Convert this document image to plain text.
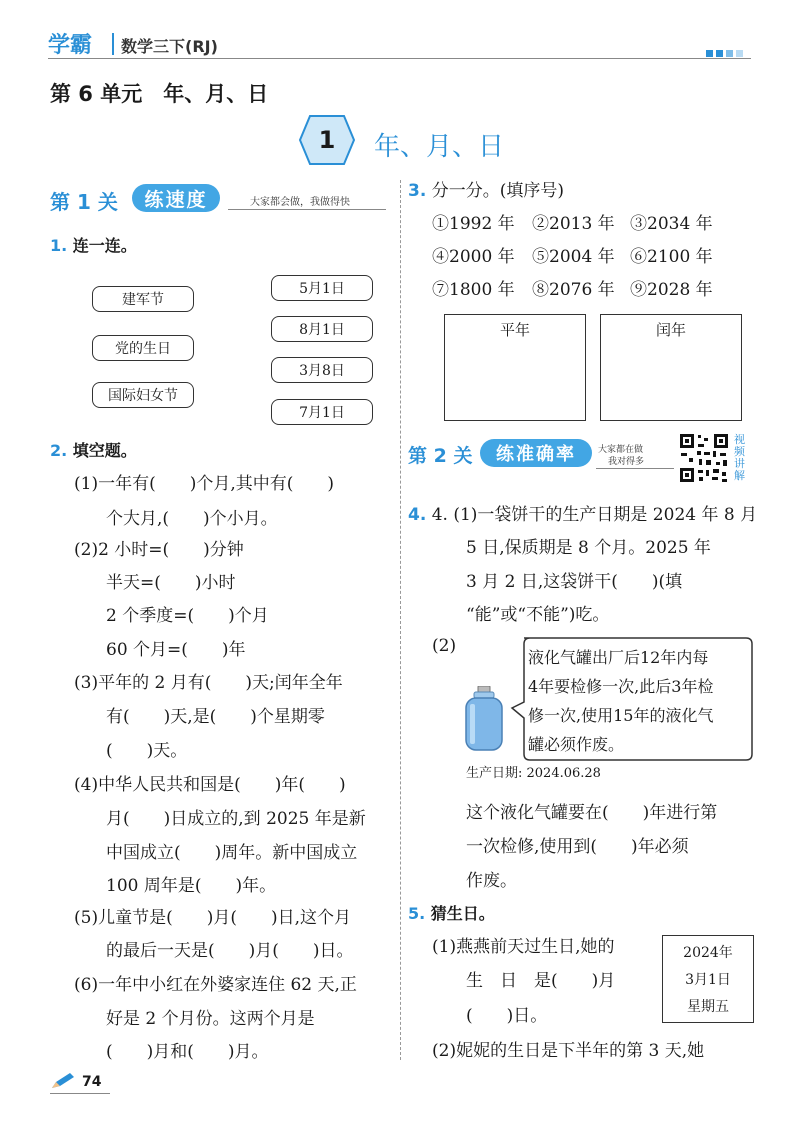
学霸 数学三下(RJ)
第 6 单元　年、月、日
1	年、月、日
第 1 关	练速度	大家都会做，我做得快
1. 连一连。
建军节
党的生日
国际妇女节
5月1日
8月1日
3月8日
7月1日
2. 填空题。
(1)一年有(　　)个月,其中有(　　)
个大月,(　　)个小月。
(2)2 小时=(　　)分钟
半天=(　　)小时
2 个季度=(　　)个月
60 个月=(　　)年
(3)平年的 2 月有(　　)天;闰年全年
有(　　)天,是(　　)个星期零
(　　)天。
(4)中华人民共和国是(　　)年(　　)
月(　　)日成立的,到 2025 年是新
中国成立(　　)周年。新中国成立
100 周年是(　　)年。
(5)儿童节是(　　)月(　　)日,这个月
的最后一天是(　　)月(　　)日。
(6)一年中小红在外婆家连住 62 天,正
好是 2 个月份。这两个月是
(　　)月和(　　)月。
3. 分一分。(填序号)
①1992 年 ②2013 年 ③2034 年
④2000 年 ⑤2004 年 ⑥2100 年
⑦1800 年 ⑧2076 年 ⑨2028 年
平年	闰年
第 2 关	练准确率	大家都在做
我对得多
视频讲解
4. 4. (1)一袋饼干的生产日期是 2024 年 8 月
5 日,保质期是 8 个月。2025 年
3 月 2 日,这袋饼干(　　)(填
“能”或“不能”)吃。
(2)
液化气罐出厂后12年内每
4年要检修一次,此后3年检
修一次,使用15年的液化气
罐必须作废。
生产日期: 2024.06.28
这个液化气罐要在(　　)年进行第
一次检修,使用到(　　)年必须
作废。
5. 猜生日。
(1)燕燕前天过生日,她的
生　日　是(　　)月
(　　)日。
2024年
3月1日
星期五
(2)妮妮的生日是下半年的第 3 天,她
74
